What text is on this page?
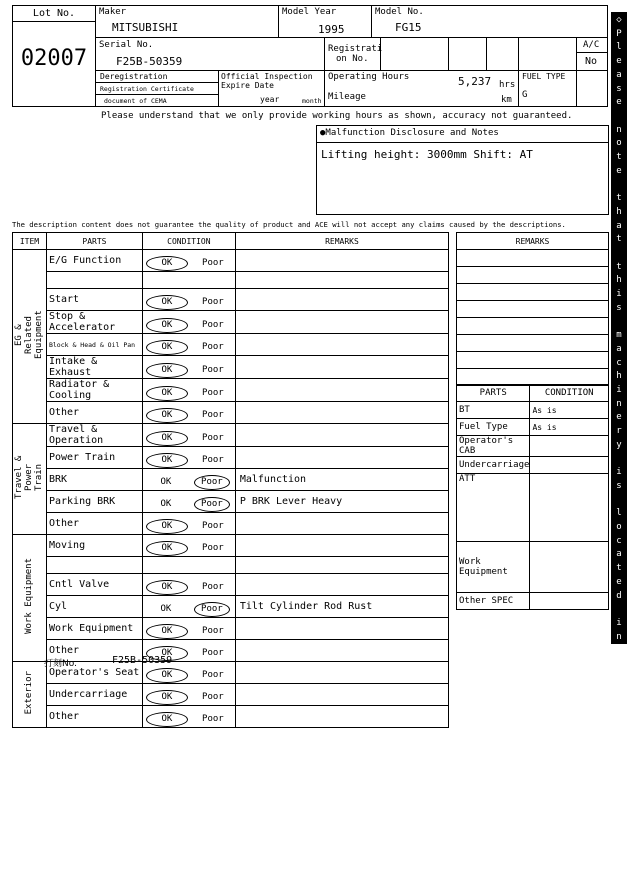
Lot No.
02007
Maker
MITSUBISHI
Model Year
1995
Model No.
FG15
Serial No.
F25B-50359
Registrati
on No.
A/C
No
Deregistration
Registration Certificate
document of CEMA
Official Inspection
Expire Date
year	month
Operating Hours	5,237 hrs
Mileage	km
FUEL TYPE
G
Please understand that we only provide working hours as shown, accuracy not guaranteed.
●Malfunction Disclosure and Notes
Lifting height: 3000mm Shift: AT
The description content does not guarantee the quality of product and ACE will not accept any claims caused by the descriptions.
ITEM	PARTS	CONDITION	REMARKS
EG & Related Equipment	E/G Function	OK Poor	

	Start	OK Poor	
	Stop & Accelerator	OK Poor	
	Block & Head & Oil Pan	OK Poor	
	Intake & Exhaust	OK Poor	
	Radiator & Cooling	OK Poor	
	Other	OK Poor	
Travel & Power Train	Travel & Operation	OK Poor	
	Power Train	OK Poor	
	BRK	OK Poor	Malfunction
	Parking BRK	OK Poor	P BRK Lever Heavy
	Other	OK Poor	
Work Equipment	Moving	OK Poor	

	Cntl Valve	OK Poor	
	Cyl	OK Poor	Tilt Cylinder Rod Rust
	Work Equipment	OK Poor	
	Other	OK Poor	
Exterior	Operator's Seat	OK Poor	
	Undercarriage	OK Poor	
	Other	OK Poor	
REMARKS

PARTS	CONDITION
BT	As is
Fuel Type	As is
Operator's CAB	
Undercarriage	
ATT	
Work Equipment	
Other SPEC	
◇
P
l
e
a
s
e

n
o
t
e

t
h
a
t

t
h
i
s

m
a
c
h
i
n
e
r
y

i
s

l
o
c
a
t
e
d

i
n

F
o
r
k
l
i
f
t

P
a
r
k
i
n
g
◇
打刻No.	F25B-50359
